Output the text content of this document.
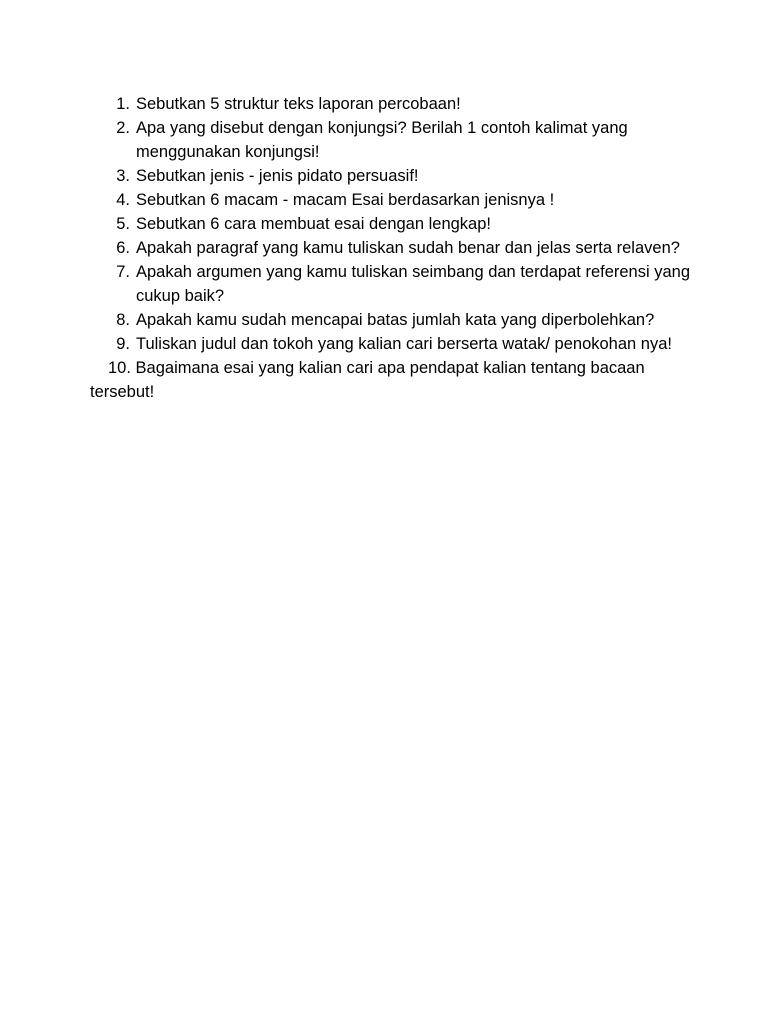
1. Sebutkan 5 struktur teks laporan percobaan!
2. Apa yang disebut dengan konjungsi? Berilah 1 contoh kalimat yang menggunakan konjungsi!
3. Sebutkan jenis - jenis pidato persuasif!
4. Sebutkan 6 macam - macam Esai berdasarkan jenisnya !
5. Sebutkan 6 cara membuat esai dengan lengkap!
6. Apakah paragraf yang kamu tuliskan sudah benar dan jelas serta relaven?
7. Apakah argumen yang kamu tuliskan seimbang dan terdapat referensi yang cukup baik?
8. Apakah kamu sudah mencapai batas jumlah kata yang diperbolehkan?
9. Tuliskan judul dan tokoh yang kalian cari berserta watak/ penokohan nya!
10. Bagaimana esai yang kalian cari apa pendapat kalian tentang bacaan tersebut!
